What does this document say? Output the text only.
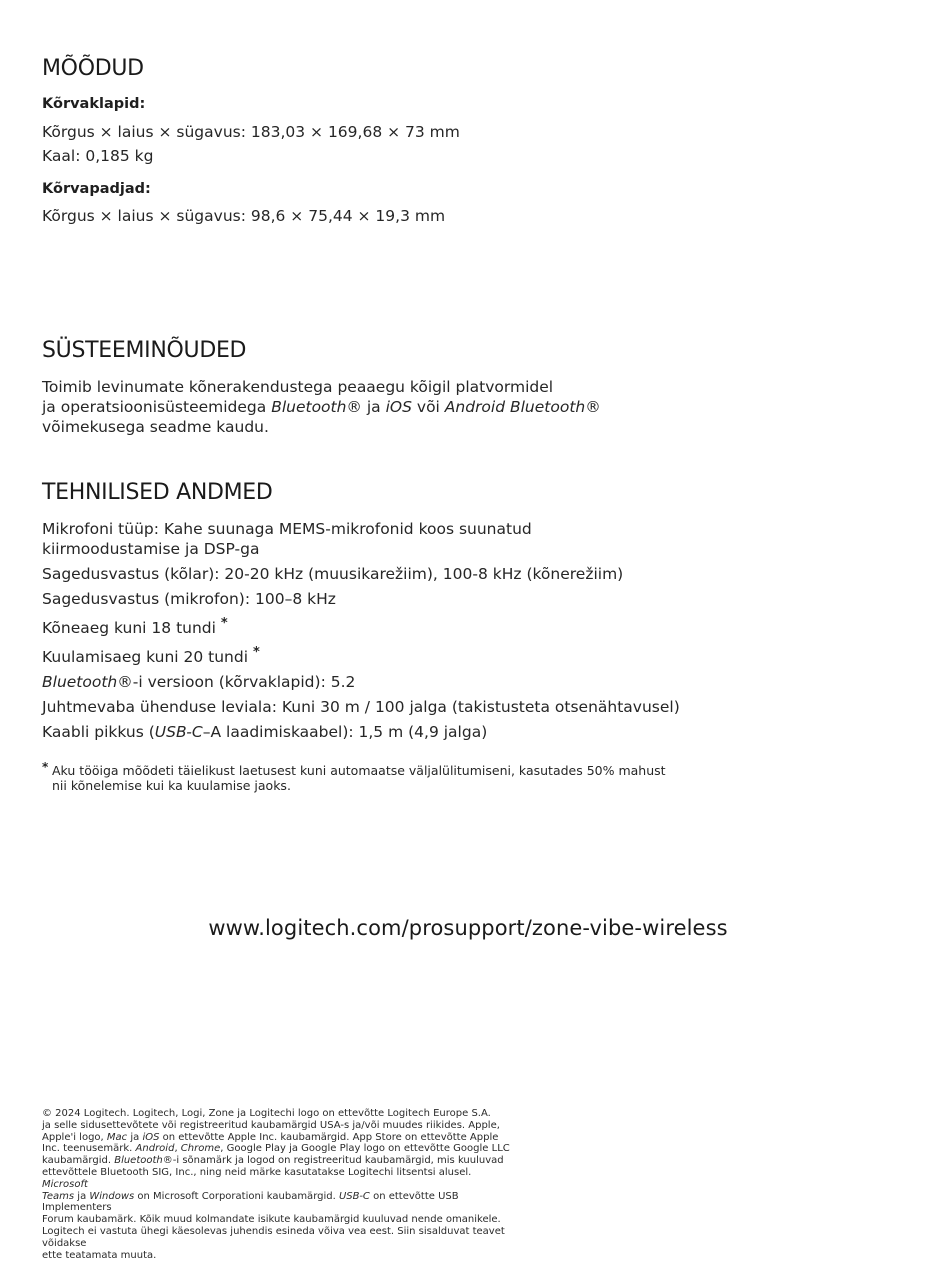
MÕÕDUD

Kõrvaklapid:

Kõrgus × laius × sügavus: 183,03 × 169,68 × 73 mm

Kaal: 0,185 kg

Kõrvapadjad:

Kõrgus × laius × sügavus: 98,6 × 75,44 × 19,3 mm

SÜSTEEMINÕUDED

Toimib levinumate kõnerakendustega peaaegu kõigil platvormidel

ja operatsioonisüsteemidega Bluetooth® ja iOS või Android Bluetooth®

võimekusega seadme kaudu.

TEHNILISED ANDMED

Mikrofoni tüüp: Kahe suunaga MEMS-mikrofonid koos suunatud

kiirmoodustamise ja DSP-ga

Sagedusvastus (kõlar): 20-20 kHz (muusikarežiim), 100-8 kHz (kõnerežiim)

Sagedusvastus (mikrofon): 100–8 kHz

Kõneaeg kuni 18 tundi *

Kuulamisaeg kuni 20 tundi *

Bluetooth®-i versioon (kõrvaklapid): 5.2

Juhtmevaba ühenduse leviala: Kuni 30 m / 100 jalga (takistusteta otsenähtavusel)

Kaabli pikkus (USB-C–A laadimiskaabel): 1,5 m (4,9 jalga)

* Aku tööiga mõõdeti täielikust laetusest kuni automaatse väljalülitumiseni, kasutades 50% mahust
nii kõnelemise kui ka kuulamise jaoks.
www.logitech.com/prosupport/zone-vibe-wireless
© 2024 Logitech. Logitech, Logi, Zone ja Logitechi logo on ettevõtte Logitech Europe S.A.
ja selle sidusettevõtete või registreeritud kaubamärgid USA-s ja/või muudes riikides. Apple,
Apple'i logo, Mac ja iOS on ettevõtte Apple Inc. kaubamärgid. App Store on ettevõtte Apple
Inc. teenusemärk. Android, Chrome, Google Play ja Google Play logo on ettevõtte Google LLC
kaubamärgid. Bluetooth®-i sõnamärk ja logod on registreeritud kaubamärgid, mis kuuluvad
ettevõttele Bluetooth SIG, Inc., ning neid märke kasutatakse Logitechi litsentsi alusel. Microsoft
Teams ja Windows on Microsoft Corporationi kaubamärgid. USB-C on ettevõtte USB Implementers
Forum kaubamärk. Kõik muud kolmandate isikute kaubamärgid kuuluvad nende omanikele.
Logitech ei vastuta ühegi käesolevas juhendis esineda võiva vea eest. Siin sisalduvat teavet võidakse
ette teatamata muuta.
